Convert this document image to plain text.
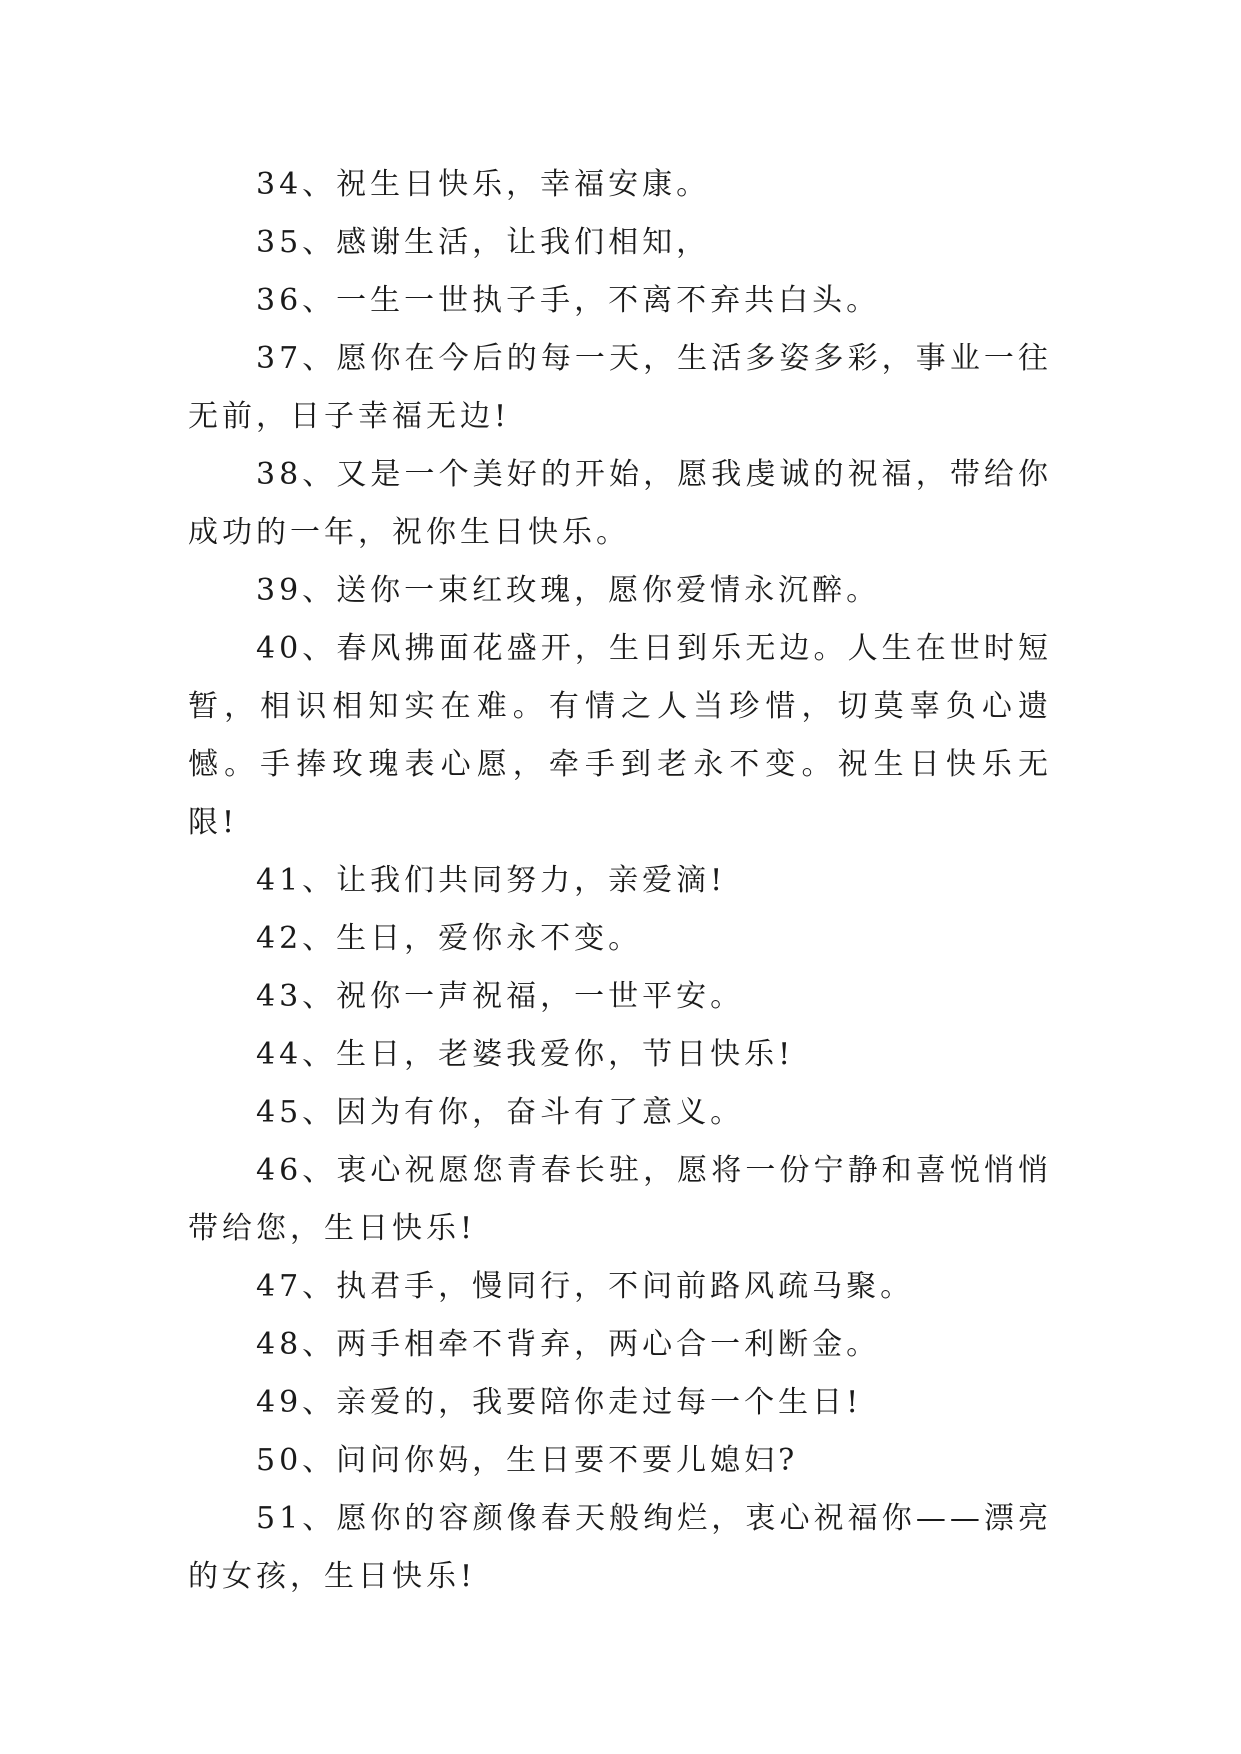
34、祝生日快乐，幸福安康。

35、感谢生活，让我们相知，

36、一生一世执子手，不离不弃共白头。

37、愿你在今后的每一天，生活多姿多彩，事业一往无前，日子幸福无边!

38、又是一个美好的开始，愿我虔诚的祝福，带给你成功的一年，祝你生日快乐。

39、送你一束红玫瑰，愿你爱情永沉醉。

40、春风拂面花盛开，生日到乐无边。人生在世时短暂，相识相知实在难。有情之人当珍惜，切莫辜负心遗憾。手捧玫瑰表心愿，牵手到老永不变。祝生日快乐无限!

41、让我们共同努力，亲爱滴!

42、生日，爱你永不变。

43、祝你一声祝福，一世平安。

44、生日，老婆我爱你，节日快乐!

45、因为有你，奋斗有了意义。

46、衷心祝愿您青春长驻，愿将一份宁静和喜悦悄悄带给您，生日快乐!

47、执君手，慢同行，不问前路风疏马聚。

48、两手相牵不背弃，两心合一利断金。

49、亲爱的，我要陪你走过每一个生日!

50、问问你妈，生日要不要儿媳妇?

51、愿你的容颜像春天般绚烂，衷心祝福你——漂亮的女孩，生日快乐!
